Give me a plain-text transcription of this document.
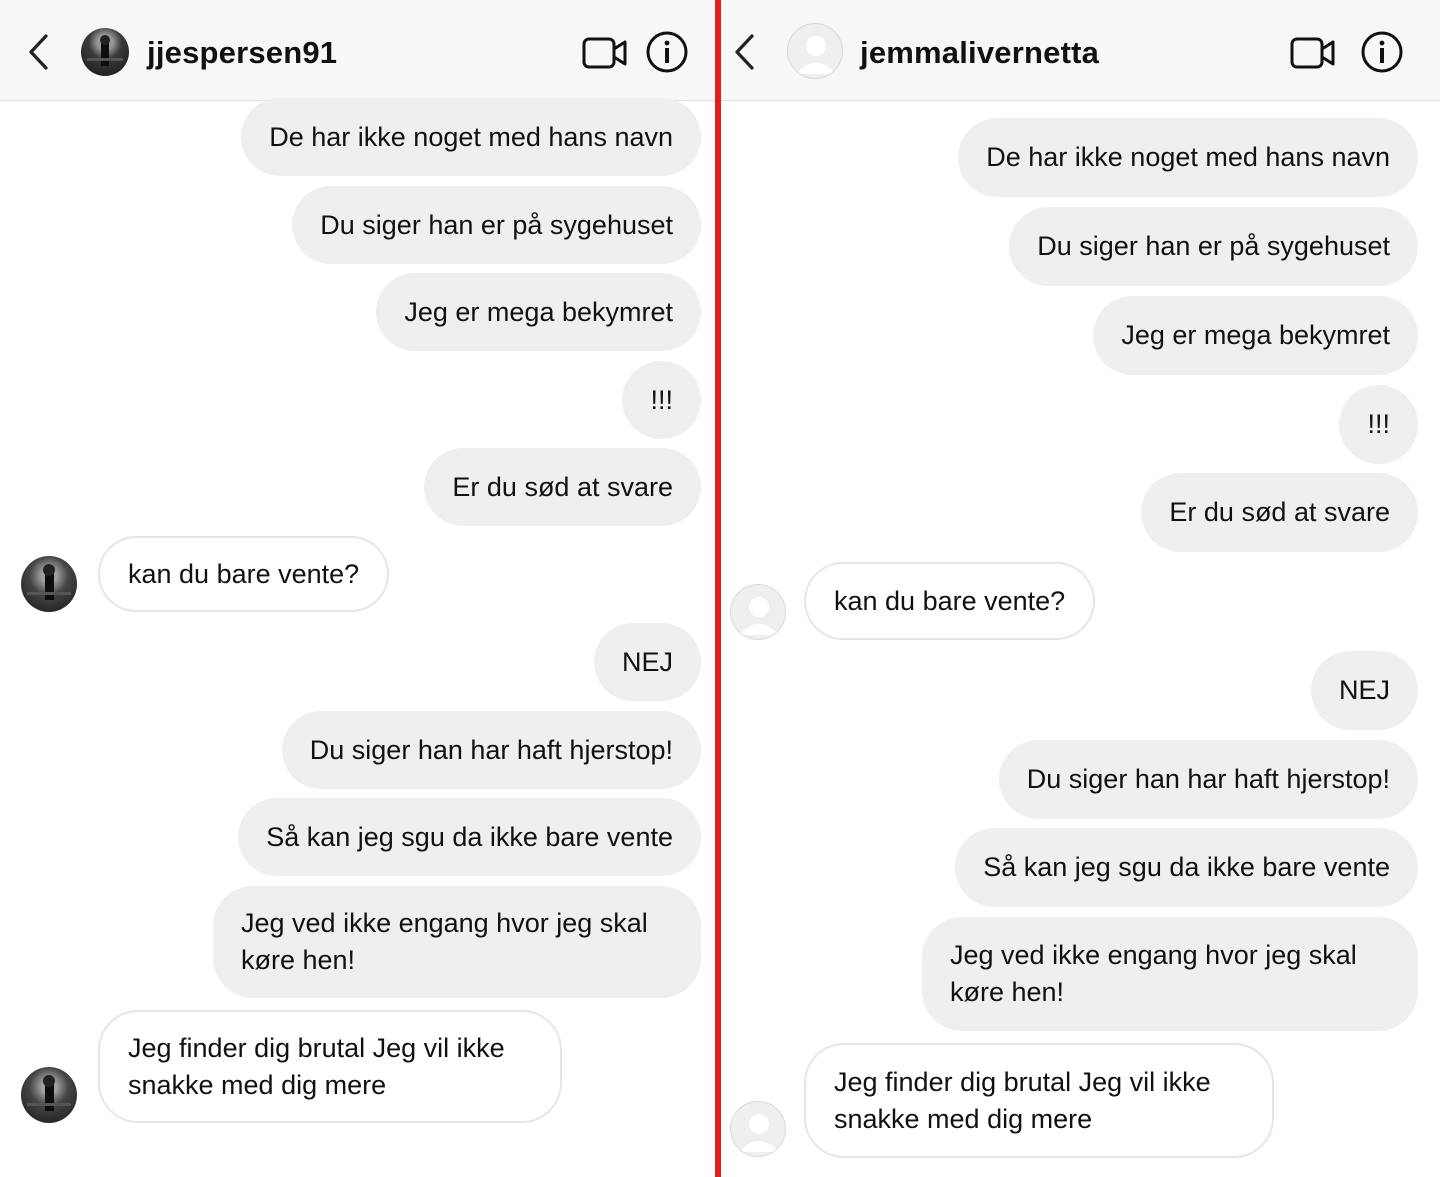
jjespersen91
De har ikke noget med hans navn
Du siger han er på sygehuset
Jeg er mega bekymret
!!!
Er du sød at svare
kan du bare vente?
NEJ
Du siger han har haft hjerstop!
Så kan jeg sgu da ikke bare vente
Jeg ved ikke engang hvor jeg skal køre hen!
Jeg finder dig brutal Jeg vil ikke snakke med dig mere
jemmalivernetta
De har ikke noget med hans navn
Du siger han er på sygehuset
Jeg er mega bekymret
!!!
Er du sød at svare
kan du bare vente?
NEJ
Du siger han har haft hjerstop!
Så kan jeg sgu da ikke bare vente
Jeg ved ikke engang hvor jeg skal køre hen!
Jeg finder dig brutal Jeg vil ikke snakke med dig mere
